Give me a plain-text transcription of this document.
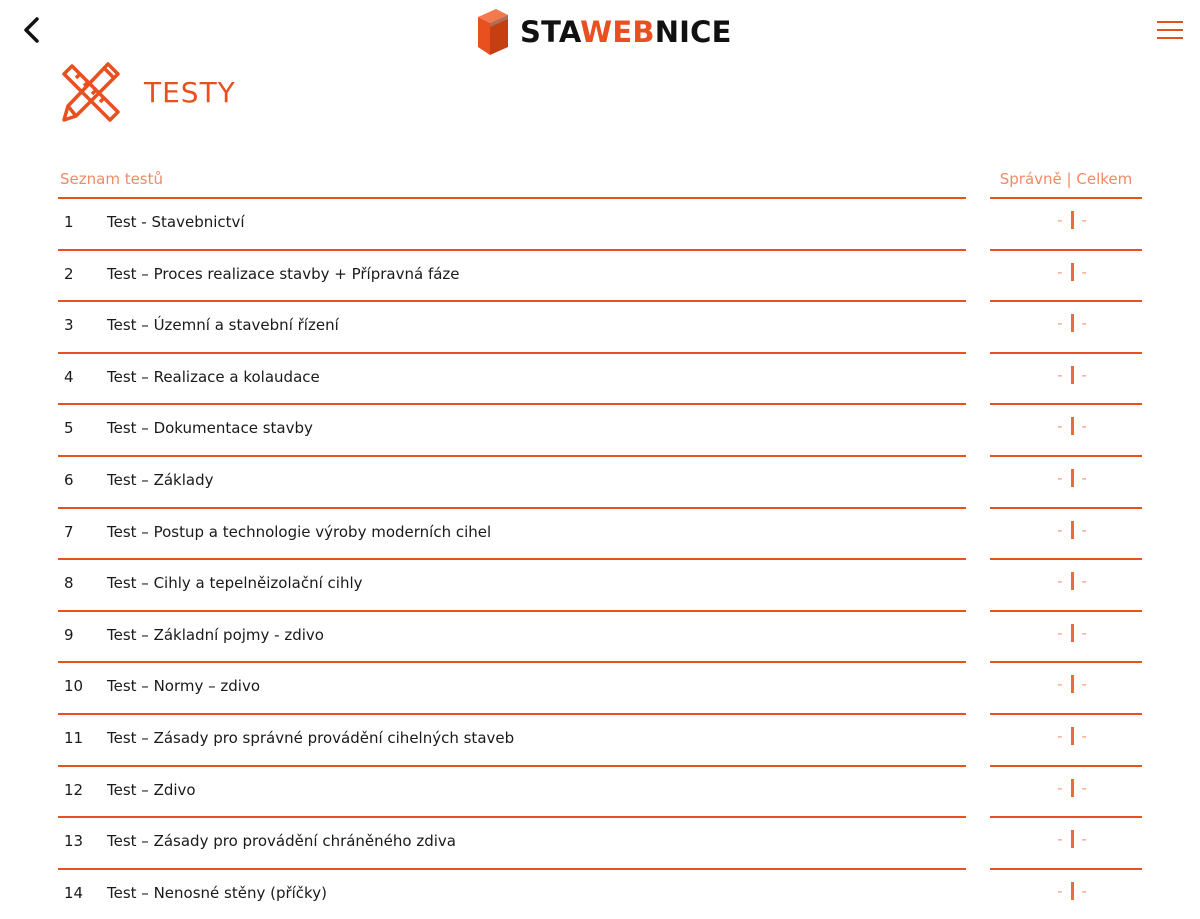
STAWEBNICE
TESTY
Seznam testů	Správně | Celkem
1 Test - Stavebnictví	- -
2 Test – Proces realizace stavby + Přípravná fáze	- -
3 Test – Územní a stavební řízení	- -
4 Test – Realizace a kolaudace	- -
5 Test – Dokumentace stavby	- -
6 Test – Základy	- -
7 Test – Postup a technologie výroby moderních cihel	- -
8 Test – Cihly a tepelněizolační cihly	- -
9 Test – Základní pojmy - zdivo	- -
10 Test – Normy – zdivo	- -
11 Test – Zásady pro správné provádění cihelných staveb	- -
12 Test – Zdivo	- -
13 Test – Zásady pro provádění chráněného zdiva	- -
14 Test – Nenosné stěny (příčky)	- -
